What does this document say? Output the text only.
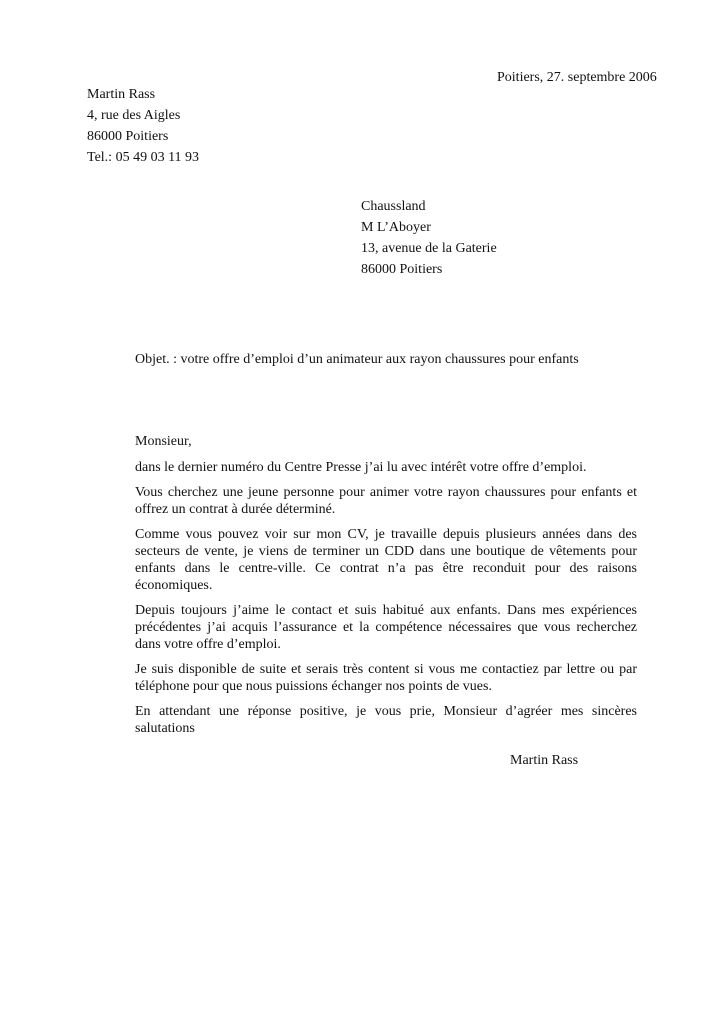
Poitiers, 27. septembre 2006
Martin Rass
4, rue des Aigles
86000 Poitiers
Tel.: 05 49 03 11 93
Chaussland
M L’Aboyer
13, avenue de la Gaterie
86000 Poitiers
Objet. : votre offre d’emploi d’un animateur aux rayon chaussures pour enfants
Monsieur,

dans le dernier numéro du Centre Presse j’ai lu avec intérêt votre offre d’emploi.

Vous cherchez une jeune personne pour animer votre rayon chaussures pour enfants et offrez un contrat à durée déterminé.

Comme vous pouvez voir sur mon CV, je travaille depuis plusieurs années dans des secteurs de vente, je viens de terminer un CDD dans une boutique de vêtements pour enfants dans le centre-ville. Ce contrat n’a pas être reconduit pour des raisons économiques.

Depuis toujours j’aime le contact et suis habitué aux enfants. Dans mes expériences précédentes j’ai acquis l’assurance et la compétence nécessaires que vous recherchez dans votre offre d’emploi.

Je suis disponible de suite et serais très content si vous me contactiez par lettre ou par téléphone pour que nous puissions échanger nos points de vues.

En attendant une réponse positive, je vous prie, Monsieur d’agréer mes sincères salutations

Martin Rass
